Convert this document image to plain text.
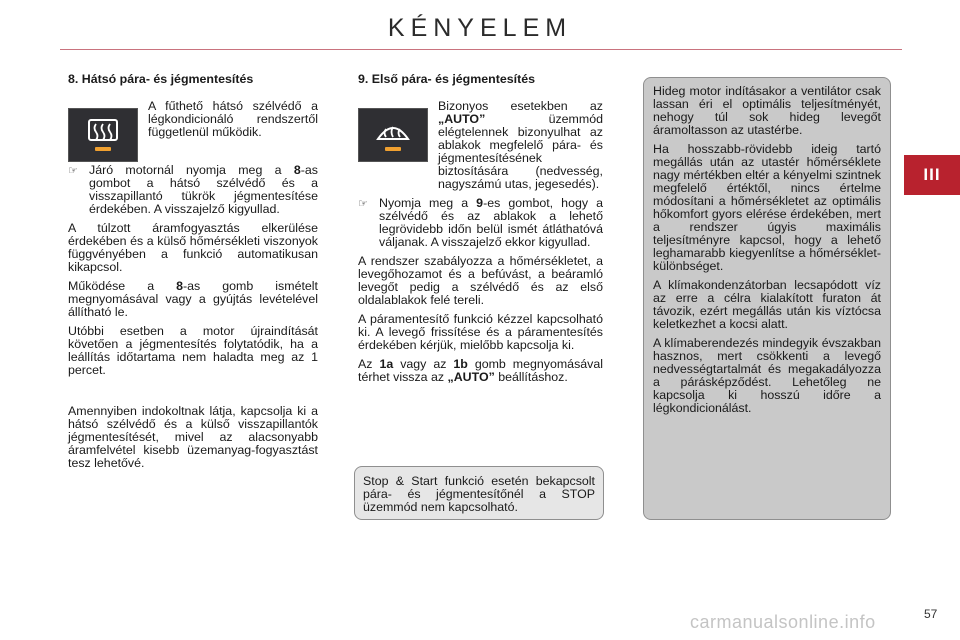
KÉNYELEM
III
8. Hátsó pára- és jégmentesítés

A fűthető hátsó szélvédő a légkondicionáló rendszertől függetlenül működik.

☞ Járó motornál nyomja meg a 8-as gombot a hátsó szélvédő és a visszapillantó tükrök jégmentesítése érdekében. A visszajelző kigyullad.

A túlzott áramfogyasztás elkerülése érdekében és a külső hőmérsékleti viszonyok függvényében a funkció automatikusan kikapcsol.

Működése a 8-as gomb ismételt megnyomásával vagy a gyújtás levételével állítható le.

Utóbbi esetben a motor újraindítását követően a jégmentesítés folytatódik, ha a leállítás időtartama nem haladta meg az 1 percet.

Amennyiben indokoltnak látja, kapcsolja ki a hátsó szélvédő és a külső visszapillantók jégmentesítését, mivel az alacsonyabb áramfelvétel kisebb üzemanyag-fogyasztást tesz lehetővé.

9. Első pára- és jégmentesítés

Bizonyos esetekben az „AUTO” üzemmód elégtelennek bizonyulhat az ablakok megfelelő pára- és jégmentesítésének biztosítására (nedvesség, nagyszámú utas, jegesedés).

☞ Nyomja meg a 9-es gombot, hogy a szélvédő és az ablakok a lehető legrövidebb időn belül ismét átláthatóvá váljanak. A visszajelző ekkor kigyullad.

A rendszer szabályozza a hőmérsékletet, a levegőhozamot és a befúvást, a beáramló levegőt pedig a szélvédő és az első oldalablakok felé tereli.

A páramentesítő funkció kézzel kapcsolható ki. A levegő frissítése és a páramentesítés érdekében kérjük, mielőbb kapcsolja ki.

Az 1a vagy az 1b gomb megnyomásával térhet vissza az „AUTO” beállításhoz.

Stop & Start funkció esetén bekapcsolt pára- és jégmentesítőnél a STOP üzemmód nem kapcsolható.

Hideg motor indításakor a ventilátor csak lassan éri el optimális teljesítményét, nehogy túl sok hideg levegőt áramoltasson az utastérbe.

Ha hosszabb-rövidebb ideig tartó megállás után az utastér hőmérséklete nagy mértékben eltér a kényelmi szintnek megfelelő értéktől, nincs értelme módosítani a hőmérsékletet az optimális hőkomfort gyors elérése érdekében, mert a rendszer úgyis maximális teljesítményre kapcsol, hogy a lehető leghamarabb kiegyenlítse a hőmérséklet-különbséget.

A klímakondenzátorban lecsapódott víz az erre a célra kialakított furaton át távozik, ezért megállás után kis víztócsa keletkezhet a kocsi alatt.

A klímaberendezés mindegyik évszakban hasznos, mert csökkenti a levegő nedvességtartalmát és megakadályozza a párásképződést. Lehetőleg ne kapcsolja ki hosszú időre a légkondicionálást.

carmanualsonline.info	57
